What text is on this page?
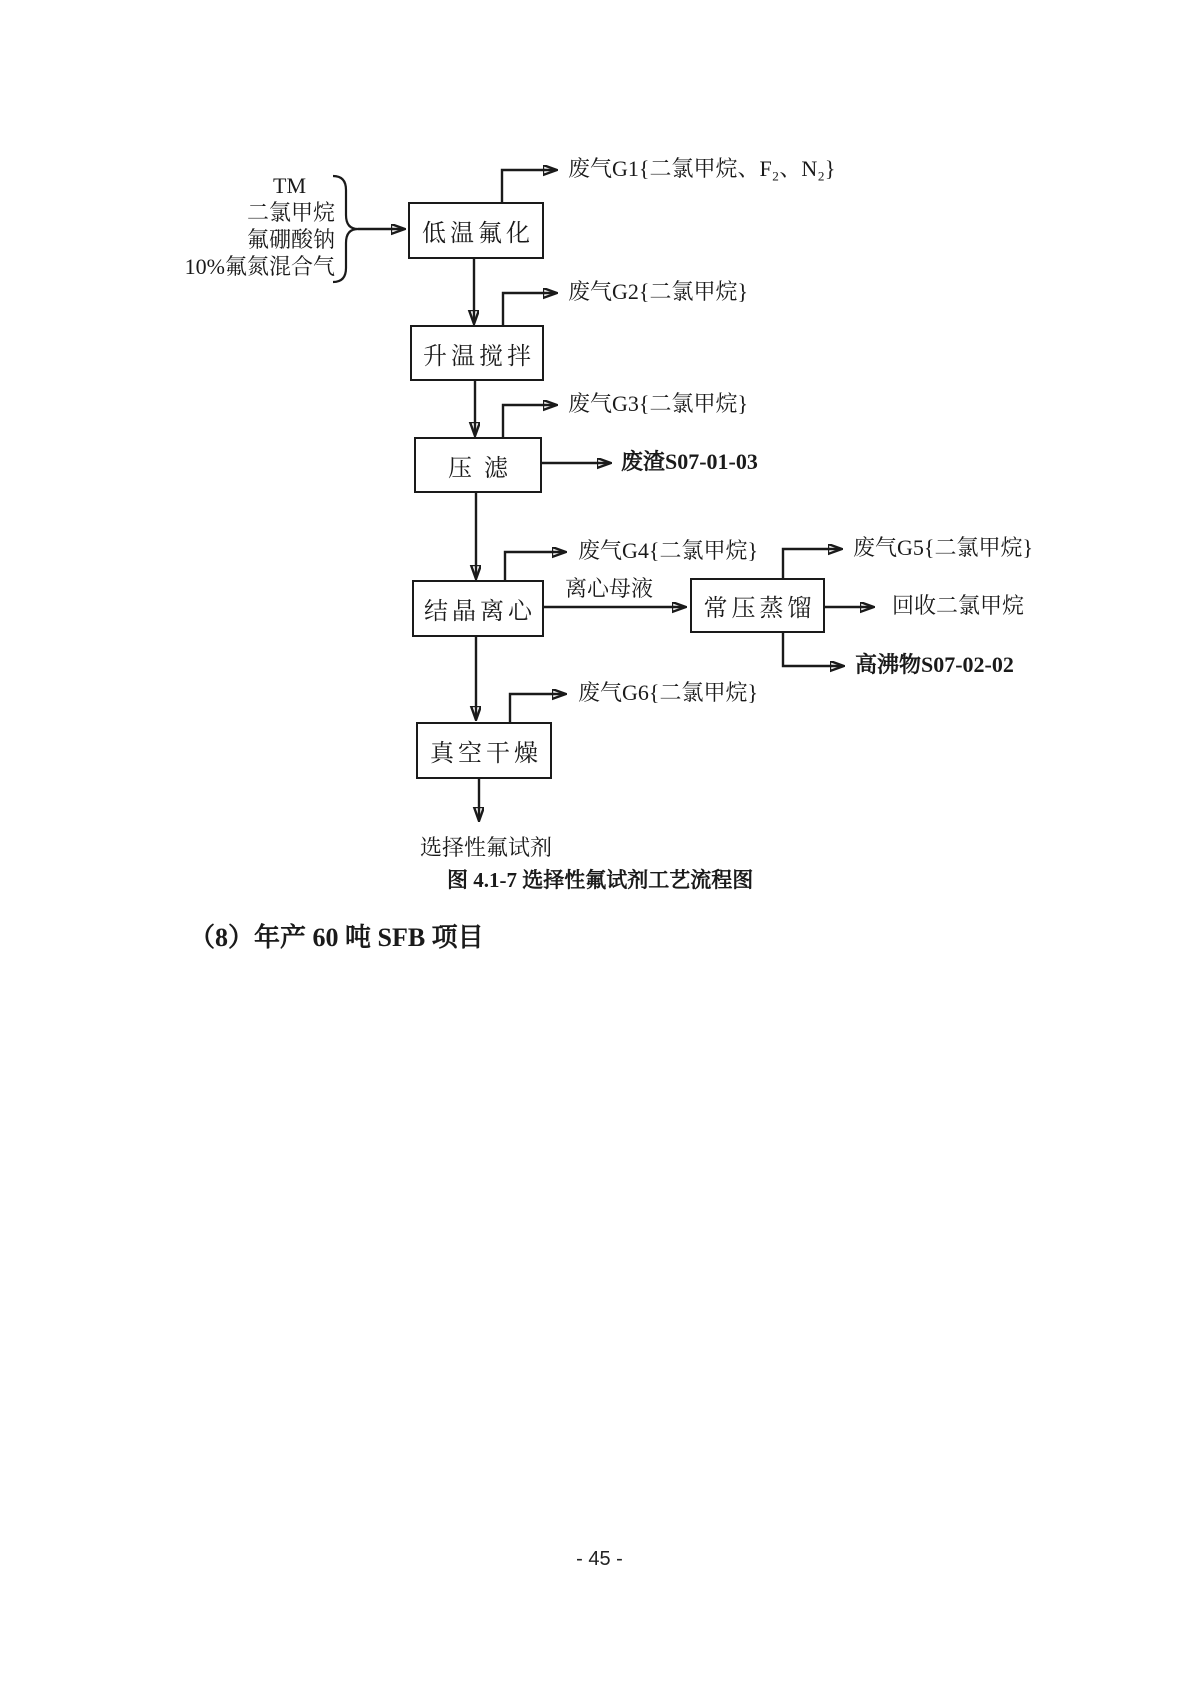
TM
二氯甲烷
氟硼酸钠
10%氟氮混合气
低温氟化
升温搅拌
压滤
结晶离心	常压蒸馏
真空干燥
废气G1{二氯甲烷、F₂、N₂}
废气G2{二氯甲烷}
废气G3{二氯甲烷}
废渣S07-01-03
废气G4{二氯甲烷}
离心母液
废气G5{二氯甲烷}
回收二氯甲烷
高沸物S07-02-02
废气G6{二氯甲烷}
选择性氟试剂
图 4.1-7 选择性氟试剂工艺流程图
（8）年产 60 吨 SFB 项目
- 45 -
